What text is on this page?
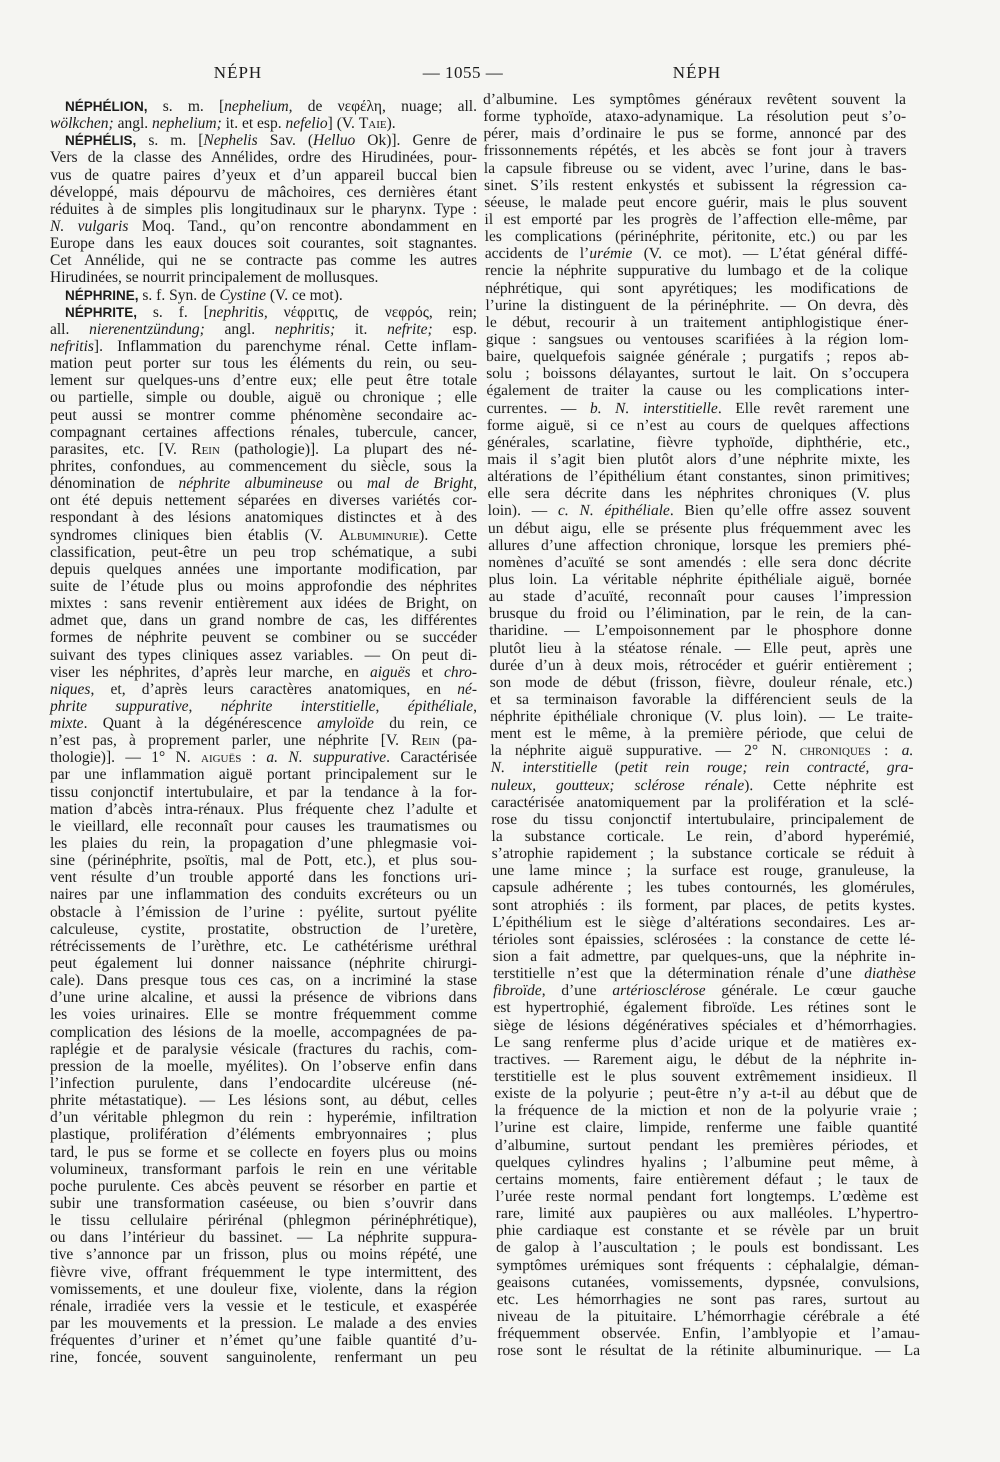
NÉPH	— 1055 —	NÉPH
NÉPHÉLION, s. m. [nephelium, de νεφέλη, nuage; all.
wölkchen; angl. nephelium; it. et esp. nefelio] (V. Taie).
NÉPHÉLIS, s. m. [Nephelis Sav. (Helluo Ok)]. Genre de
Vers de la classe des Annélides, ordre des Hirudinées, pour-
vus de quatre paires d’yeux et d’un appareil buccal bien
développé, mais dépourvu de mâchoires, ces dernières étant
réduites à de simples plis longitudinaux sur le pharynx. Type :
N. vulgaris Moq. Tand., qu’on rencontre abondamment en
Europe dans les eaux douces soit courantes, soit stagnantes.
Cet Annélide, qui ne se contracte pas comme les autres
Hirudinées, se nourrit principalement de mollusques.
NÉPHRINE, s. f. Syn. de Cystine (V. ce mot).
NÉPHRITE, s. f. [nephritis, νέφριτις, de νεφρός, rein;
all. nierenentzündung; angl. nephritis; it. nefrite; esp.
nefritis]. Inflammation du parenchyme rénal. Cette inflam-
mation peut porter sur tous les éléments du rein, ou seu-
lement sur quelques-uns d’entre eux; elle peut être totale
ou partielle, simple ou double, aiguë ou chronique ; elle
peut aussi se montrer comme phénomène secondaire ac-
compagnant certaines affections rénales, tubercule, cancer,
parasites, etc. [V. Rein (pathologie)]. La plupart des né-
phrites, confondues, au commencement du siècle, sous la
dénomination de néphrite albumineuse ou mal de Bright,
ont été depuis nettement séparées en diverses variétés cor-
respondant à des lésions anatomiques distinctes et à des
syndromes cliniques bien établis (V. Albuminurie). Cette
classification, peut-être un peu trop schématique, a subi
depuis quelques années une importante modification, par
suite de l’étude plus ou moins approfondie des néphrites
mixtes : sans revenir entièrement aux idées de Bright, on
admet que, dans un grand nombre de cas, les différentes
formes de néphrite peuvent se combiner ou se succéder
suivant des types cliniques assez variables. — On peut di-
viser les néphrites, d’après leur marche, en aiguës et chro-
niques, et, d’après leurs caractères anatomiques, en né-
phrite suppurative, néphrite interstitielle, épithéliale,
mixte. Quant à la dégénérescence amyloïde du rein, ce
n’est pas, à proprement parler, une néphrite [V. Rein (pa-
thologie)]. — 1° N. aiguës : a. N. suppurative. Caractérisée
par une inflammation aiguë portant principalement sur le
tissu conjonctif intertubulaire, et par la tendance à la for-
mation d’abcès intra-rénaux. Plus fréquente chez l’adulte et
le vieillard, elle reconnaît pour causes les traumatismes ou
les plaies du rein, la propagation d’une phlegmasie voi-
sine (périnéphrite, psoïtis, mal de Pott, etc.), et plus sou-
vent résulte d’un trouble apporté dans les fonctions uri-
naires par une inflammation des conduits excréteurs ou un
obstacle à l’émission de l’urine : pyélite, surtout pyélite
calculeuse, cystite, prostatite, obstruction de l’uretère,
rétrécissements de l’urèthre, etc. Le cathétérisme uréthral
peut également lui donner naissance (néphrite chirurgi-
cale). Dans presque tous ces cas, on a incriminé la stase
d’une urine alcaline, et aussi la présence de vibrions dans
les voies urinaires. Elle se montre fréquemment comme
complication des lésions de la moelle, accompagnées de pa-
raplégie et de paralysie vésicale (fractures du rachis, com-
pression de la moelle, myélites). On l’observe enfin dans
l’infection purulente, dans l’endocardite ulcéreuse (né-
phrite métastatique). — Les lésions sont, au début, celles
d’un véritable phlegmon du rein : hyperémie, infiltration
plastique, prolifération d’éléments embryonnaires ; plus
tard, le pus se forme et se collecte en foyers plus ou moins
volumineux, transformant parfois le rein en une véritable
poche purulente. Ces abcès peuvent se résorber en partie et
subir une transformation caséeuse, ou bien s’ouvrir dans
le tissu cellulaire périrénal (phlegmon périnéphrétique),
ou dans l’intérieur du bassinet. — La néphrite suppura-
tive s’annonce par un frisson, plus ou moins répété, une
fièvre vive, offrant fréquemment le type intermittent, des
vomissements, et une douleur fixe, violente, dans la région
rénale, irradiée vers la vessie et le testicule, et exaspérée
par les mouvements et la pression. Le malade a des envies
fréquentes d’uriner et n’émet qu’une faible quantité d’u-
rine, foncée, souvent sanguinolente, renfermant un peu
d’albumine. Les symptômes généraux revêtent souvent la
forme typhoïde, ataxo-adynamique. La résolution peut s’o-
pérer, mais d’ordinaire le pus se forme, annoncé par des
frissonnements répétés, et les abcès se font jour à travers
la capsule fibreuse ou se vident, avec l’urine, dans le bas-
sinet. S’ils restent enkystés et subissent la régression ca-
séeuse, le malade peut encore guérir, mais le plus souvent
il est emporté par les progrès de l’affection elle-même, par
les complications (périnéphrite, péritonite, etc.) ou par les
accidents de l’urémie (V. ce mot). — L’état général diffé-
rencie la néphrite suppurative du lumbago et de la colique
néphrétique, qui sont apyrétiques; les modifications de
l’urine la distinguent de la périnéphrite. — On devra, dès
le début, recourir à un traitement antiphlogistique éner-
gique : sangsues ou ventouses scarifiées à la région lom-
baire, quelquefois saignée générale ; purgatifs ; repos ab-
solu ; boissons délayantes, surtout le lait. On s’occupera
également de traiter la cause ou les complications inter-
currentes. — b. N. interstitielle. Elle revêt rarement une
forme aiguë, si ce n’est au cours de quelques affections
générales, scarlatine, fièvre typhoïde, diphthérie, etc.,
mais il s’agit bien plutôt alors d’une néphrite mixte, les
altérations de l’épithélium étant constantes, sinon primitives;
elle sera décrite dans les néphrites chroniques (V. plus
loin). — c. N. épithéliale. Bien qu’elle offre assez souvent
un début aigu, elle se présente plus fréquemment avec les
allures d’une affection chronique, lorsque les premiers phé-
nomènes d’acuïté se sont amendés : elle sera donc décrite
plus loin. La véritable néphrite épithéliale aiguë, bornée
au stade d’acuïté, reconnaît pour causes l’impression
brusque du froid ou l’élimination, par le rein, de la can-
tharidine. — L’empoisonnement par le phosphore donne
plutôt lieu à la stéatose rénale. — Elle peut, après une
durée d’un à deux mois, rétrocéder et guérir entièrement ;
son mode de début (frisson, fièvre, douleur rénale, etc.)
et sa terminaison favorable la différencient seuls de la
néphrite épithéliale chronique (V. plus loin). — Le traite-
ment est le même, à la première période, que celui de
la néphrite aiguë suppurative. — 2° N. chroniques : a.
N. interstitielle (petit rein rouge; rein contracté, gra-
nuleux, goutteux; sclérose rénale). Cette néphrite est
caractérisée anatomiquement par la prolifération et la sclé-
rose du tissu conjonctif intertubulaire, principalement de
la substance corticale. Le rein, d’abord hyperémié,
s’atrophie rapidement ; la substance corticale se réduit à
une lame mince ; la surface est rouge, granuleuse, la
capsule adhérente ; les tubes contournés, les glomérules,
sont atrophiés : ils forment, par places, de petits kystes.
L’épithélium est le siège d’altérations secondaires. Les ar-
térioles sont épaissies, sclérosées : la constance de cette lé-
sion a fait admettre, par quelques-uns, que la néphrite in-
terstitielle n’est que la détermination rénale d’une diathèse
fibroïde, d’une artériosclérose générale. Le cœur gauche
est hypertrophié, également fibroïde. Les rétines sont le
siège de lésions dégénératives spéciales et d’hémorrhagies.
Le sang renferme plus d’acide urique et de matières ex-
tractives. — Rarement aigu, le début de la néphrite in-
terstitielle est le plus souvent extrêmement insidieux. Il
existe de la polyurie ; peut-être n’y a-t-il au début que de
la fréquence de la miction et non de la polyurie vraie ;
l’urine est claire, limpide, renferme une faible quantité
d’albumine, surtout pendant les premières périodes, et
quelques cylindres hyalins ; l’albumine peut même, à
certains moments, faire entièrement défaut ; le taux de
l’urée reste normal pendant fort longtemps. L’œdème est
rare, limité aux paupières ou aux malléoles. L’hypertro-
phie cardiaque est constante et se révèle par un bruit
de galop à l’auscultation ; le pouls est bondissant. Les
symptômes urémiques sont fréquents : céphalalgie, déman-
geaisons cutanées, vomissements, dypsnée, convulsions,
etc. Les hémorrhagies ne sont pas rares, surtout au
niveau de la pituitaire. L’hémorrhagie cérébrale a été
fréquemment observée. Enfin, l’amblyopie et l’amau-
rose sont le résultat de la rétinite albuminurique. — La
